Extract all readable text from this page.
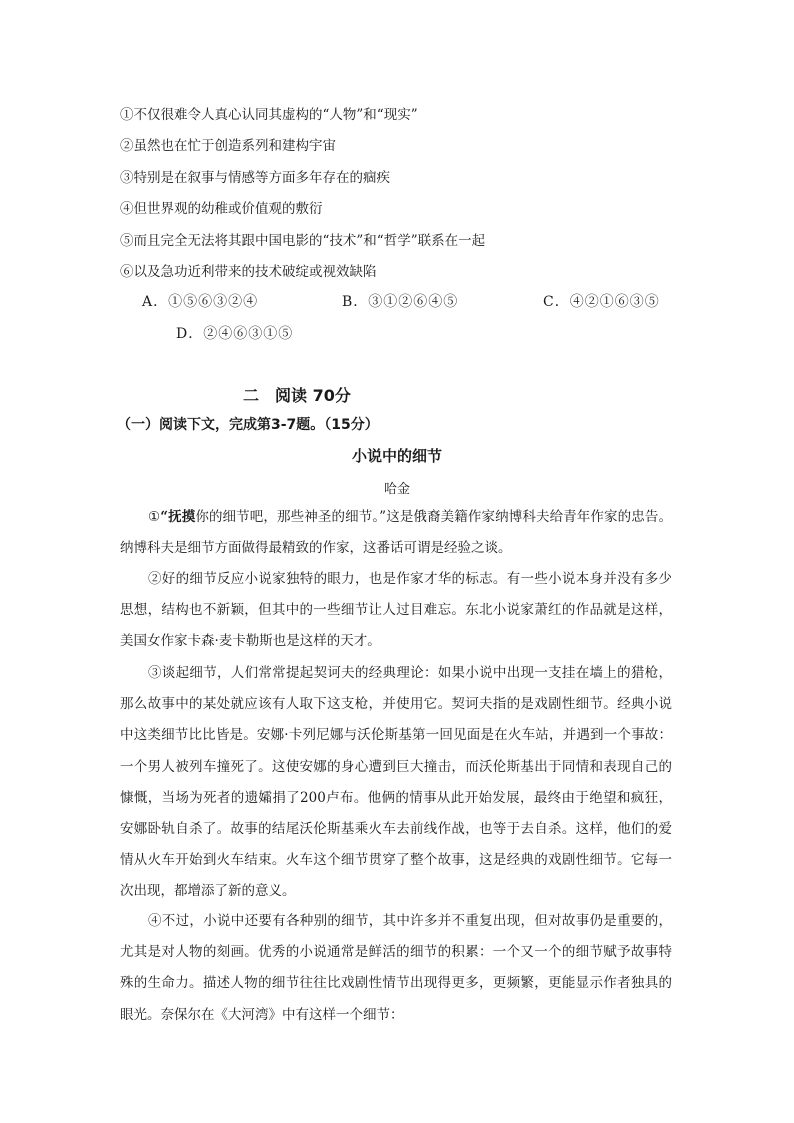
①不仅很难令人真心认同其虚构的“人物”和“现实”
②虽然也在忙于创造系列和建构宇宙
③特别是在叙事与情感等方面多年存在的痼疾
④但世界观的幼稚或价值观的敷衍
⑤而且完全无法将其跟中国电影的“技术”和“哲学”联系在一起
⑥以及急功近利带来的技术破绽或视效缺陷
A．①⑤⑥③②④	B．③①②⑥④⑤	C．④②①⑥③⑤
D．②④⑥③①⑤
二　阅读 70分
（一）阅读下文，完成第3-7题。（15分）
小说中的细节
哈金

①“抚摸你的细节吧，那些神圣的细节。”这是俄裔美籍作家纳博科夫给青年作家的忠告。纳博科夫是细节方面做得最精致的作家，这番话可谓是经验之谈。

②好的细节反应小说家独特的眼力，也是作家才华的标志。有一些小说本身并没有多少思想，结构也不新颖，但其中的一些细节让人过目难忘。东北小说家萧红的作品就是这样，美国女作家卡森·麦卡勒斯也是这样的天才。

③谈起细节，人们常常提起契诃夫的经典理论：如果小说中出现一支挂在墙上的猎枪，那么故事中的某处就应该有人取下这支枪，并使用它。契诃夫指的是戏剧性细节。经典小说中这类细节比比皆是。安娜·卡列尼娜与沃伦斯基第一回见面是在火车站，并遇到一个事故：一个男人被列车撞死了。这使安娜的身心遭到巨大撞击，而沃伦斯基出于同情和表现自己的慷慨，当场为死者的遗孀捐了200卢布。他俩的情事从此开始发展，最终由于绝望和疯狂，安娜卧轨自杀了。故事的结尾沃伦斯基乘火车去前线作战，也等于去自杀。这样，他们的爱情从火车开始到火车结束。火车这个细节贯穿了整个故事，这是经典的戏剧性细节。它每一次出现，都增添了新的意义。

④不过，小说中还要有各种别的细节，其中许多并不重复出现，但对故事仍是重要的，尤其是对人物的刻画。优秀的小说通常是鲜活的细节的积累：一个又一个的细节赋予故事特殊的生命力。描述人物的细节往往比戏剧性情节出现得更多，更频繁，更能显示作者独具的眼光。奈保尔在《大河湾》中有这样一个细节：
